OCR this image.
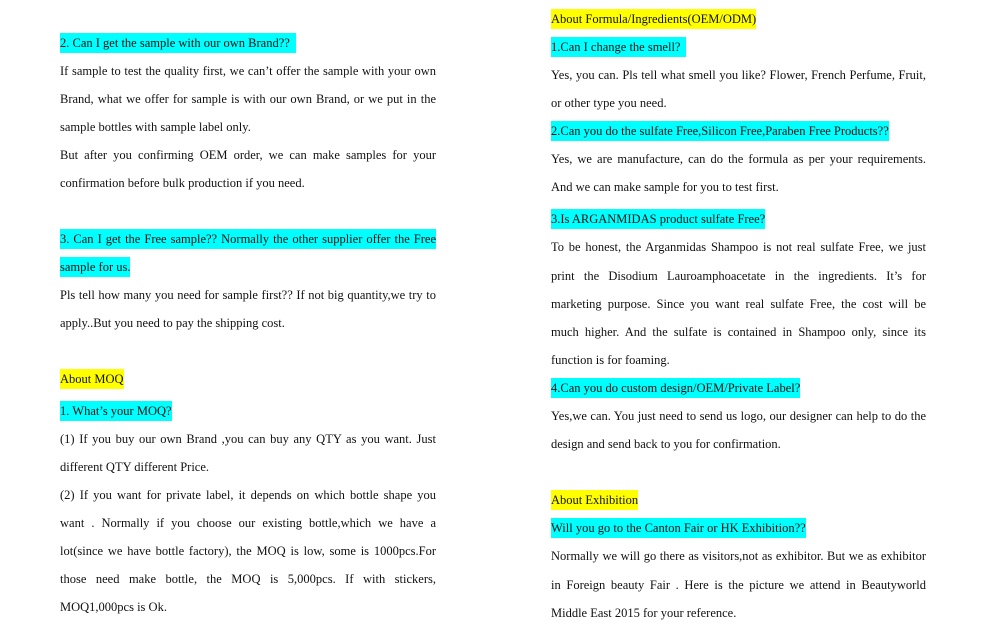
2. Can I get the sample with our own Brand??
If sample to test the quality first, we can’t offer the sample with your own
Brand, what we offer for sample is with our own Brand, or we put in the
sample bottles with sample label only.
But after you confirming OEM order, we can make samples for your
confirmation before bulk production if you need.
3. Can I get the Free sample?? Normally the other supplier offer the Free
sample for us.
Pls tell how many you need for sample first?? If not big quantity,we try to
apply..But you need to pay the shipping cost.
About MOQ
1. What’s your MOQ?
(1) If you buy our own Brand ,you can buy any QTY as you want. Just
different QTY different Price.
(2) If you want for private label, it depends on which bottle shape you
want . Normally if you choose our existing bottle,which we have a
lot(since we have bottle factory), the MOQ is low, some is 1000pcs.For
those need make bottle, the MOQ is 5,000pcs. If with stickers,
MOQ1,000pcs is Ok.
About Formula/Ingredients(OEM/ODM)
1.Can I change the smell?
Yes, you can. Pls tell what smell you like? Flower, French Perfume, Fruit,
or other type you need.
2.Can you do the sulfate Free,Silicon Free,Paraben Free Products??
Yes, we are manufacture, can do the formula as per your requirements.
And we can make sample for you to test first.
3.Is ARGANMIDAS product sulfate Free?
To be honest, the Arganmidas Shampoo is not real sulfate Free, we just
print the Disodium Lauroamphoacetate in the ingredients. It’s for
marketing purpose. Since you want real sulfate Free, the cost will be
much higher. And the sulfate is contained in Shampoo only, since its
function is for foaming.
4.Can you do custom design/OEM/Private Label?
Yes,we can. You just need to send us logo, our designer can help to do the
design and send back to you for confirmation.
About Exhibition
Will you go to the Canton Fair or HK Exhibition??
Normally we will go there as visitors,not as exhibitor. But we as exhibitor
in Foreign beauty Fair . Here is the picture we attend in Beautyworld
Middle East 2015 for your reference.
